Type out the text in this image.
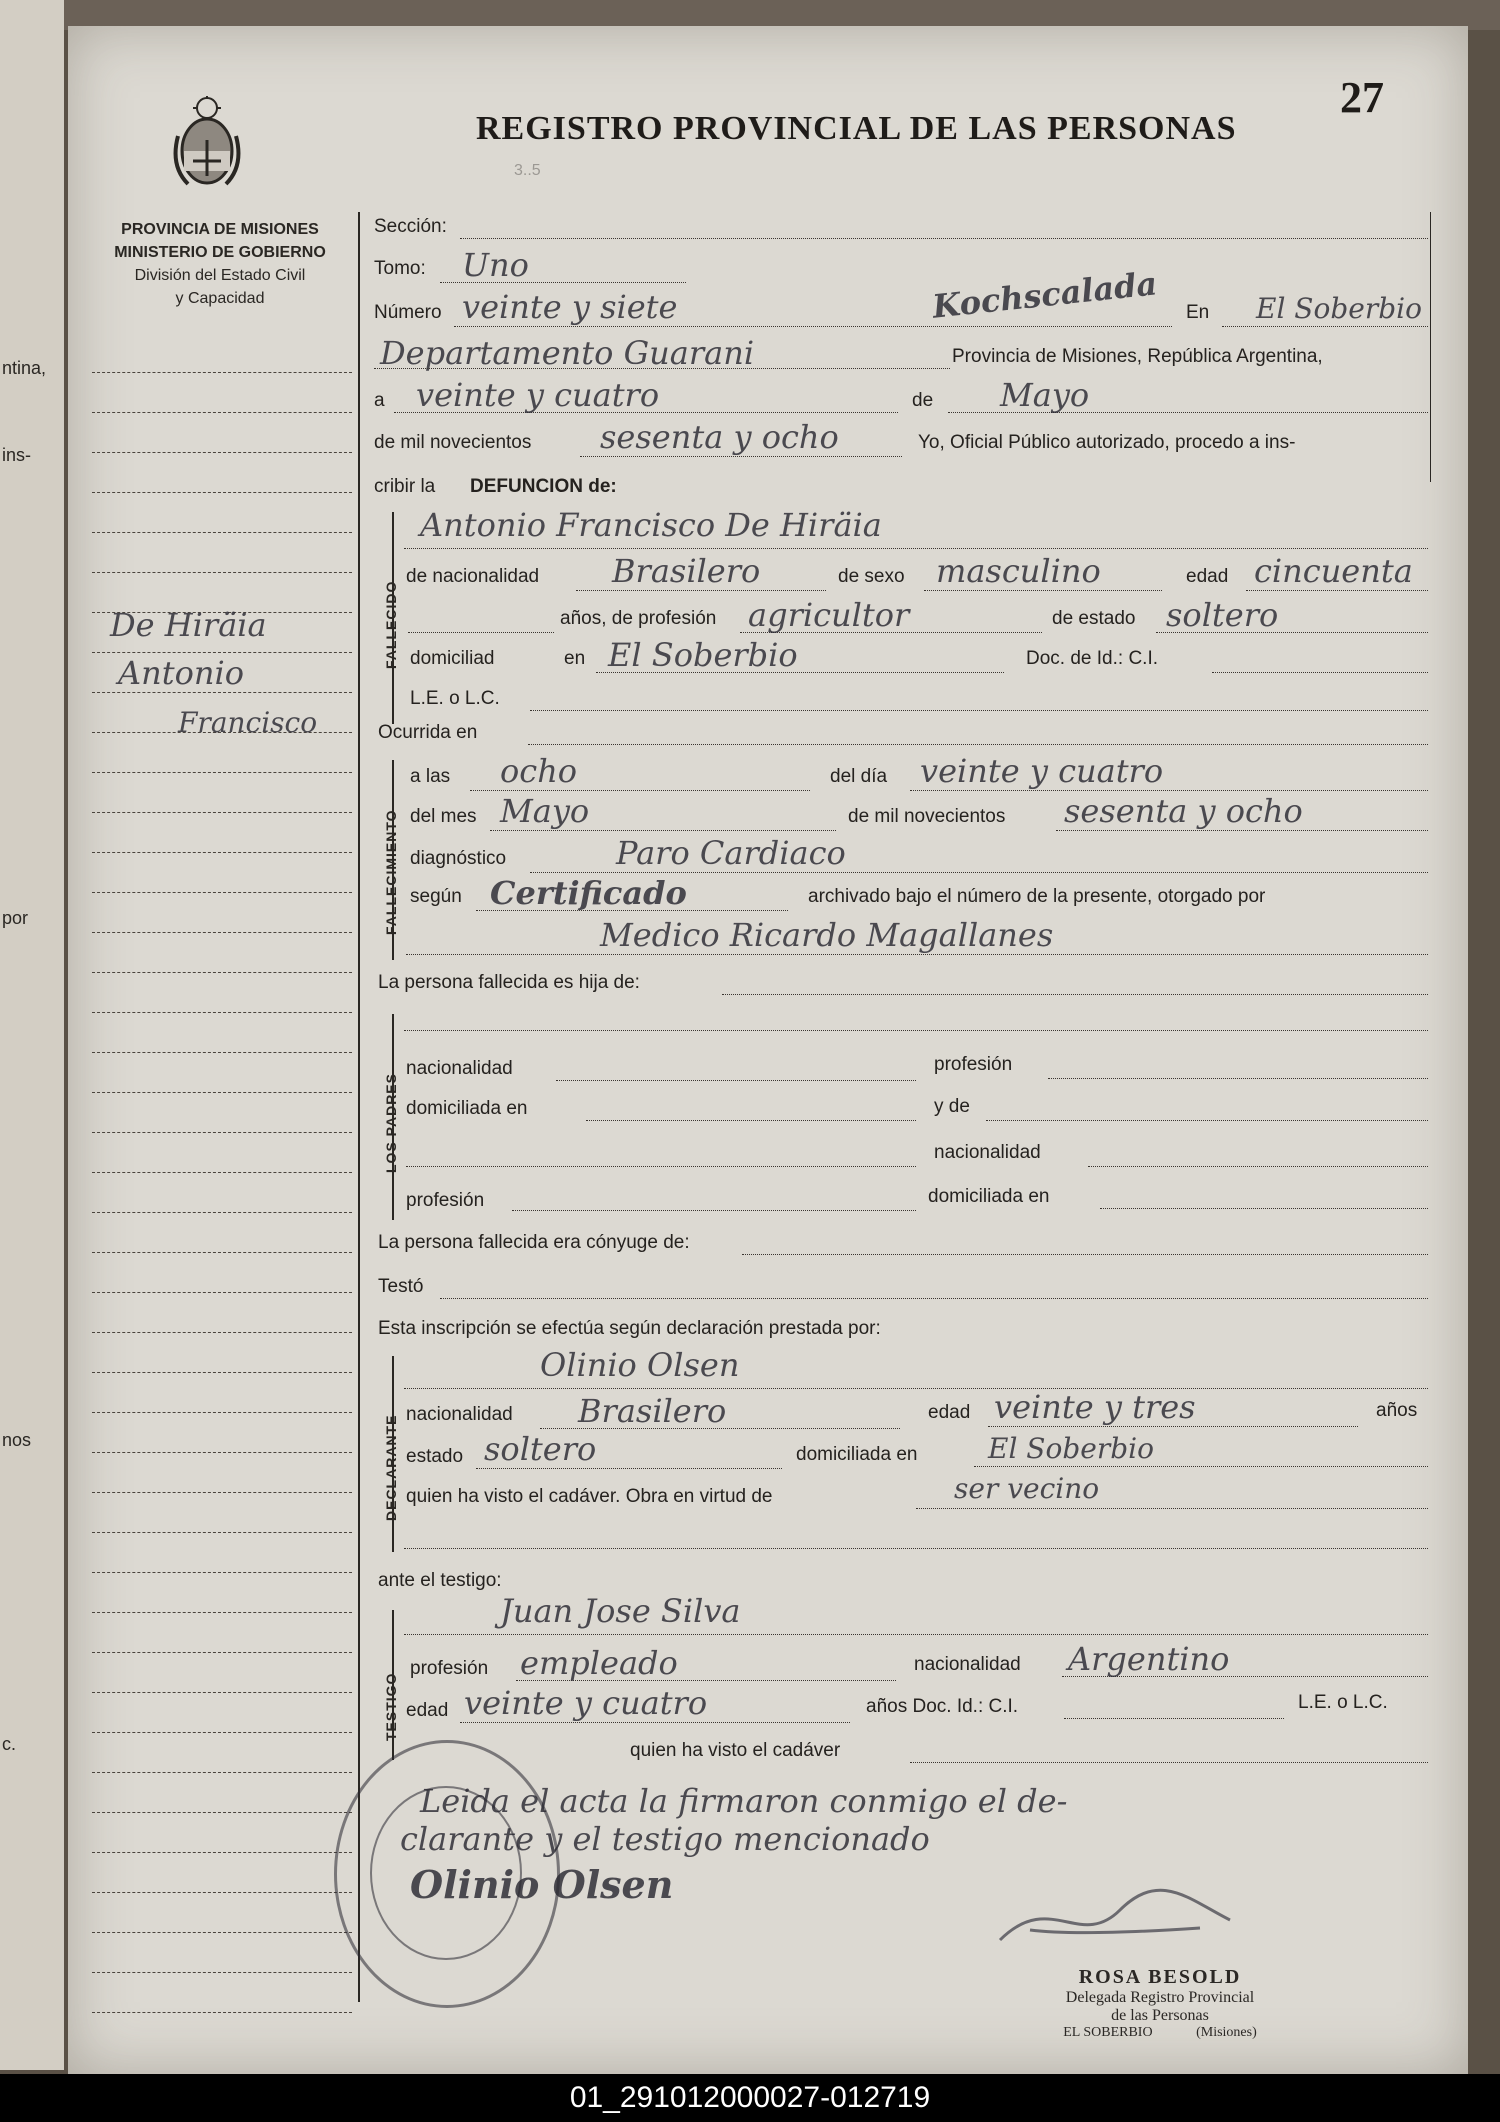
ntina,
ins-
por
nos
c.
PROVINCIA DE MISIONES
MINISTERIO DE GOBIERNO
División del Estado Civil
y Capacidad
REGISTRO PROVINCIAL DE LAS PERSONAS
27
3..5
De Hiräia
Antonio
Francisco
Sección:
Tomo: Uno
Número veinte y siete	Kochscalada En El Soberbio
Departamento Guarani	Provincia de Misiones, República Argentina,
a veinte y cuatro	de Mayo
de mil novecientos sesenta y ocho	Yo, Oficial Público autorizado, procedo a ins-
cribir la DEFUNCION de:
FALLECIDO
Antonio Francisco De Hiräia
de nacionalidad Brasilero	de sexo masculino	edad cincuenta
años, de profesión agricultor	de estado soltero
domiciliad	en El Soberbio	Doc. de Id.: C.I.
L.E. o L.C.
Ocurrida en
FALLECIMIENTO
a las ocho	del día veinte y cuatro
del mes Mayo	de mil novecientos sesenta y ocho
diagnóstico	Paro Cardiaco
según Certificado	archivado bajo el número de la presente, otorgado por
Medico Ricardo Magallanes
La persona fallecida es hija de:
LOS PADRES
nacionalidad	profesión
domiciliada en	y de
nacionalidad
profesión	domiciliada en
La persona fallecida era cónyuge de:
Testó
Esta inscripción se efectúa según declaración prestada por:
DECLARANTE
Olinio Olsen
nacionalidad Brasilero	edad veinte y tres	años
estado soltero	domiciliada en	El Soberbio
quien ha visto el cadáver. Obra en virtud de	ser vecino
ante el testigo:
TESTIGO
Juan Jose Silva
profesión empleado	nacionalidad Argentino
edad veinte y cuatro	años Doc. Id.: C.I.	L.E. o L.C.
quien ha visto el cadáver
Leida el acta la firmaron conmigo el de-
clarante y el testigo mencionado
Olinio Olsen
ROSA BESOLD
Delegada Registro Provincial
de las Personas
EL SOBERBIO	(Misiones)
01_291012000027-012719
